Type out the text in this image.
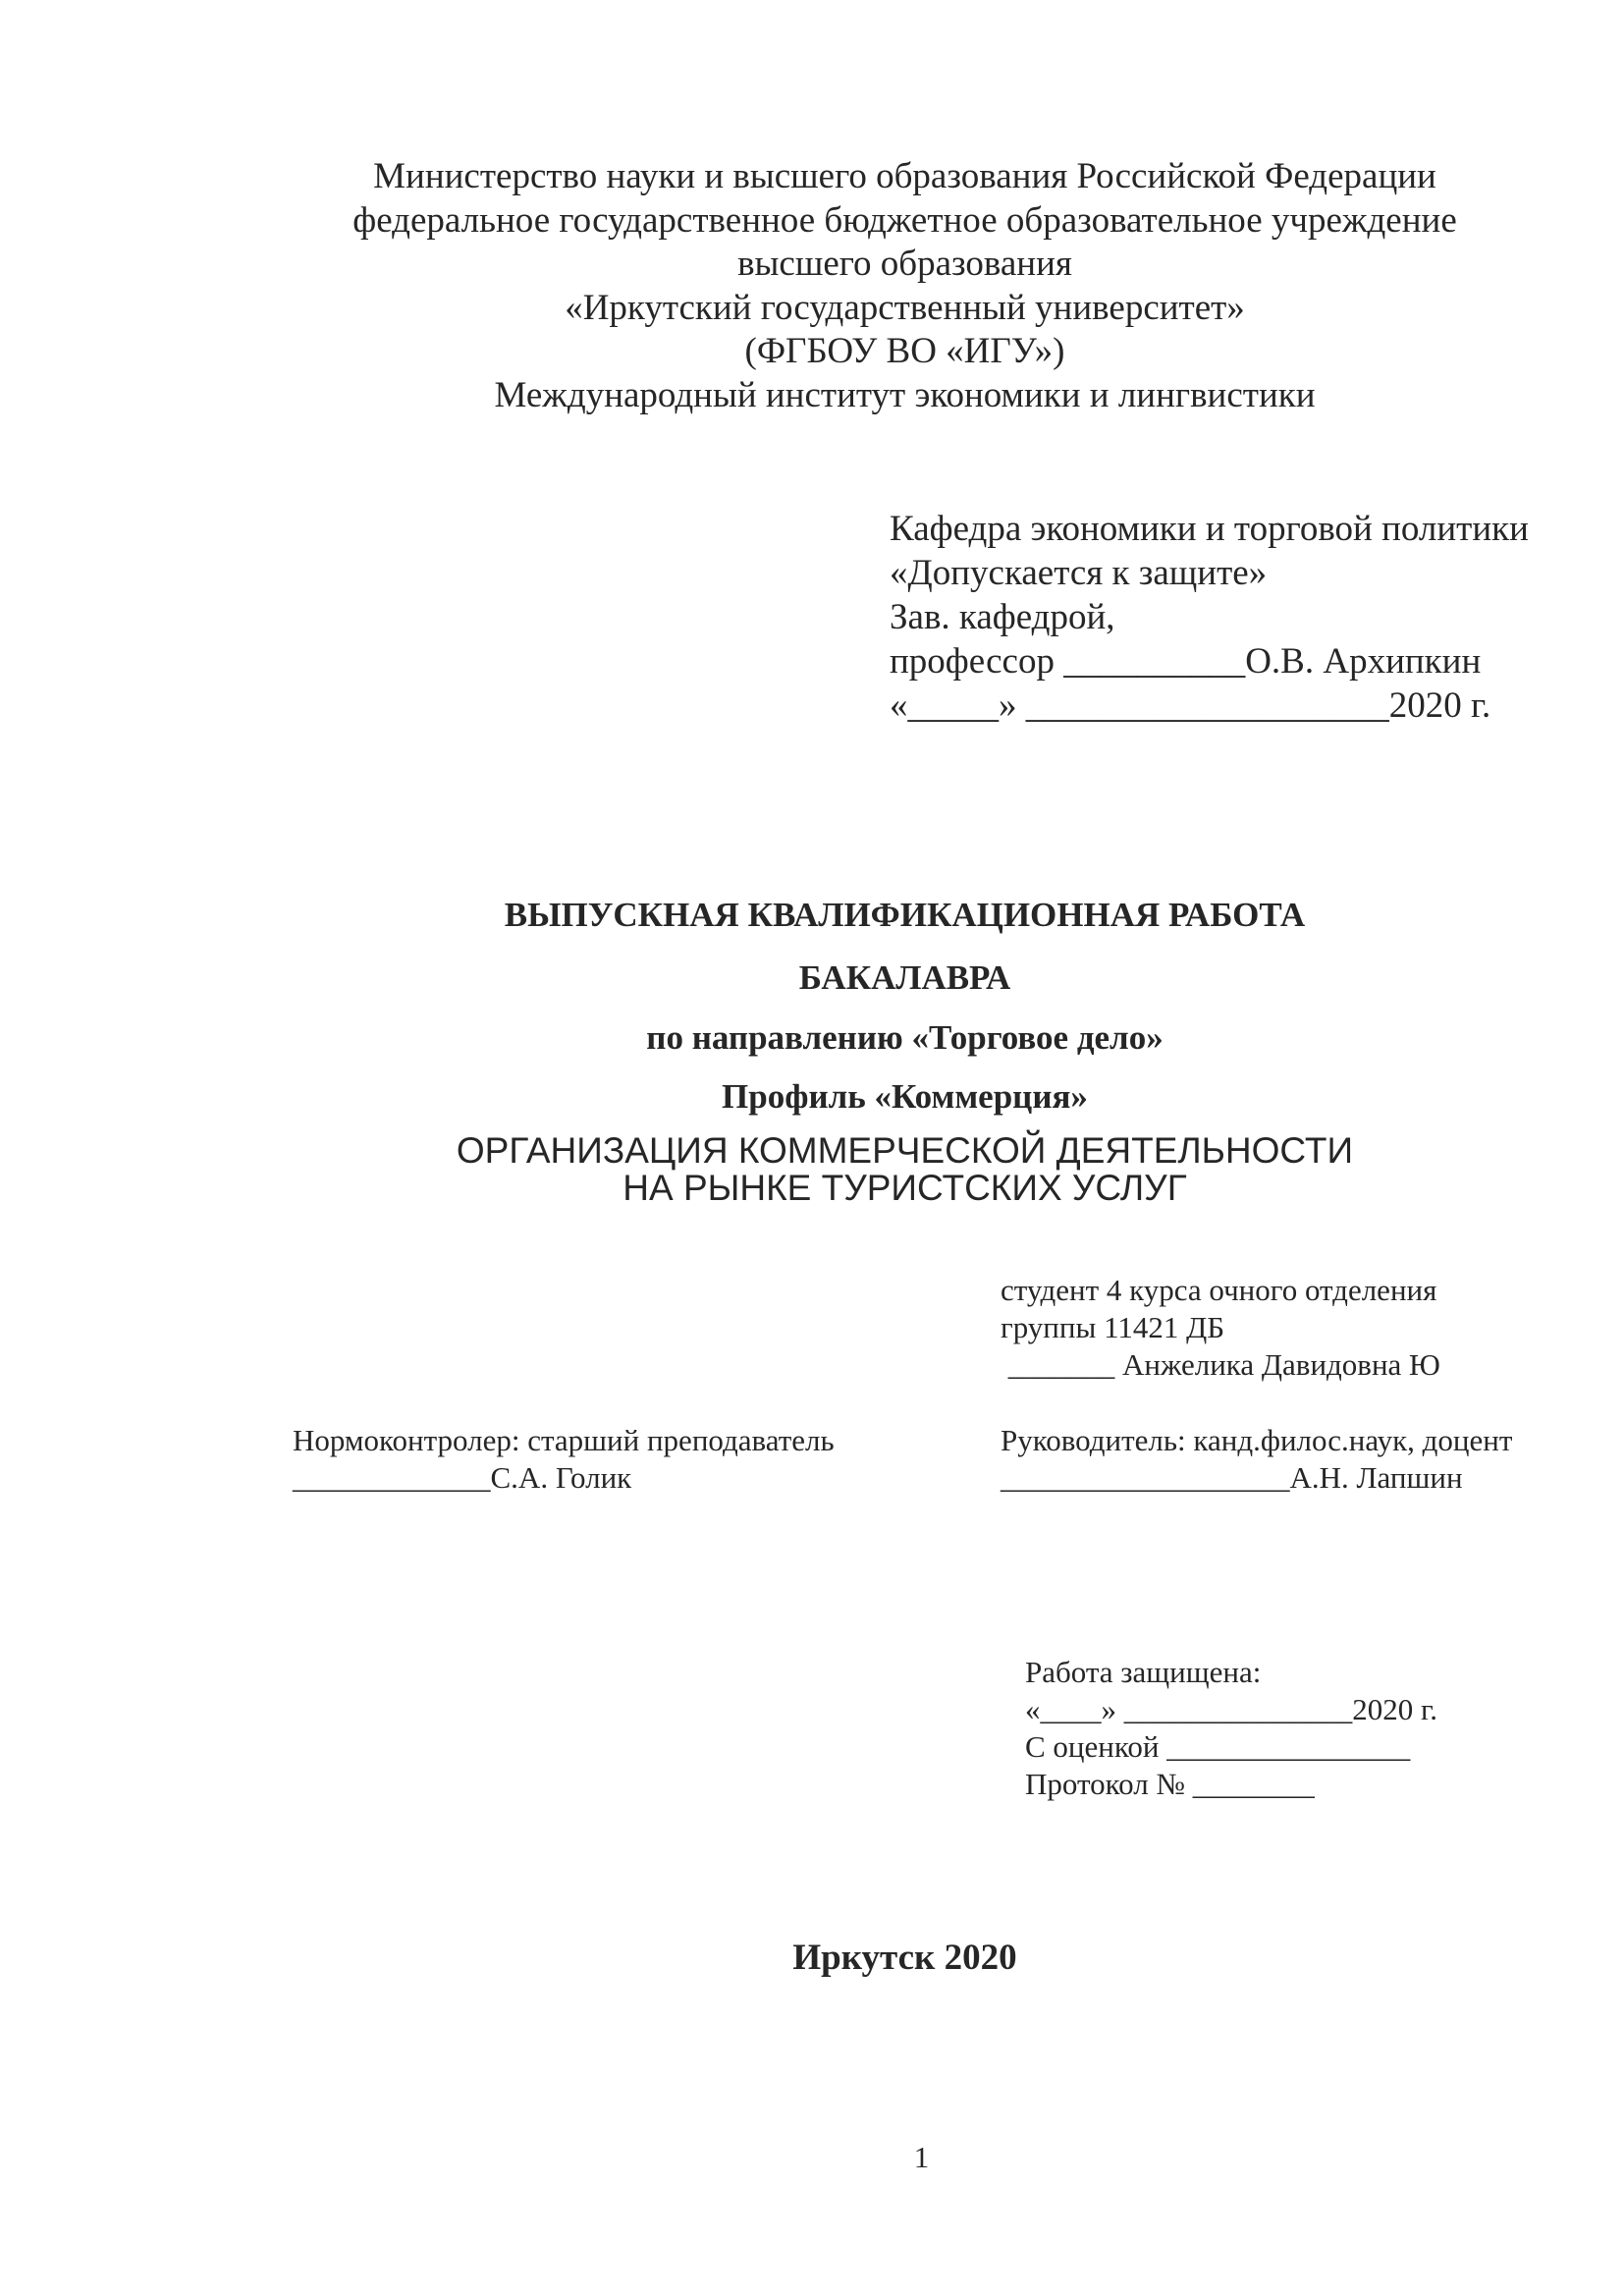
Министерство науки и высшего образования Российской Федерации
федеральное государственное бюджетное образовательное учреждение
высшего образования
«Иркутский государственный университет»
(ФГБОУ ВО «ИГУ»)
Международный институт экономики и лингвистики
Кафедра экономики и торговой политики
«Допускается к защите»
Зав. кафедрой,
профессор __________О.В. Архипкин
«_____» ____________________2020 г.
ВЫПУСКНАЯ КВАЛИФИКАЦИОННАЯ РАБОТА
БАКАЛАВРА
по направлению «Торговое дело»
Профиль «Коммерция»
ОРГАНИЗАЦИЯ КОММЕРЧЕСКОЙ ДЕЯТЕЛЬНОСТИ
НА РЫНКЕ ТУРИСТСКИХ УСЛУГ
студент 4 курса очного отделения
группы 11421 ДБ
_______ Анжелика Давидовна Ю
Нормоконтролер: старший преподаватель
_____________С.А. Голик
Руководитель: канд.филос.наук, доцент
___________________А.Н. Лапшин
Работа защищена:
«____» _______________2020 г.
С оценкой ________________
Протокол № ________
Иркутск 2020
1
